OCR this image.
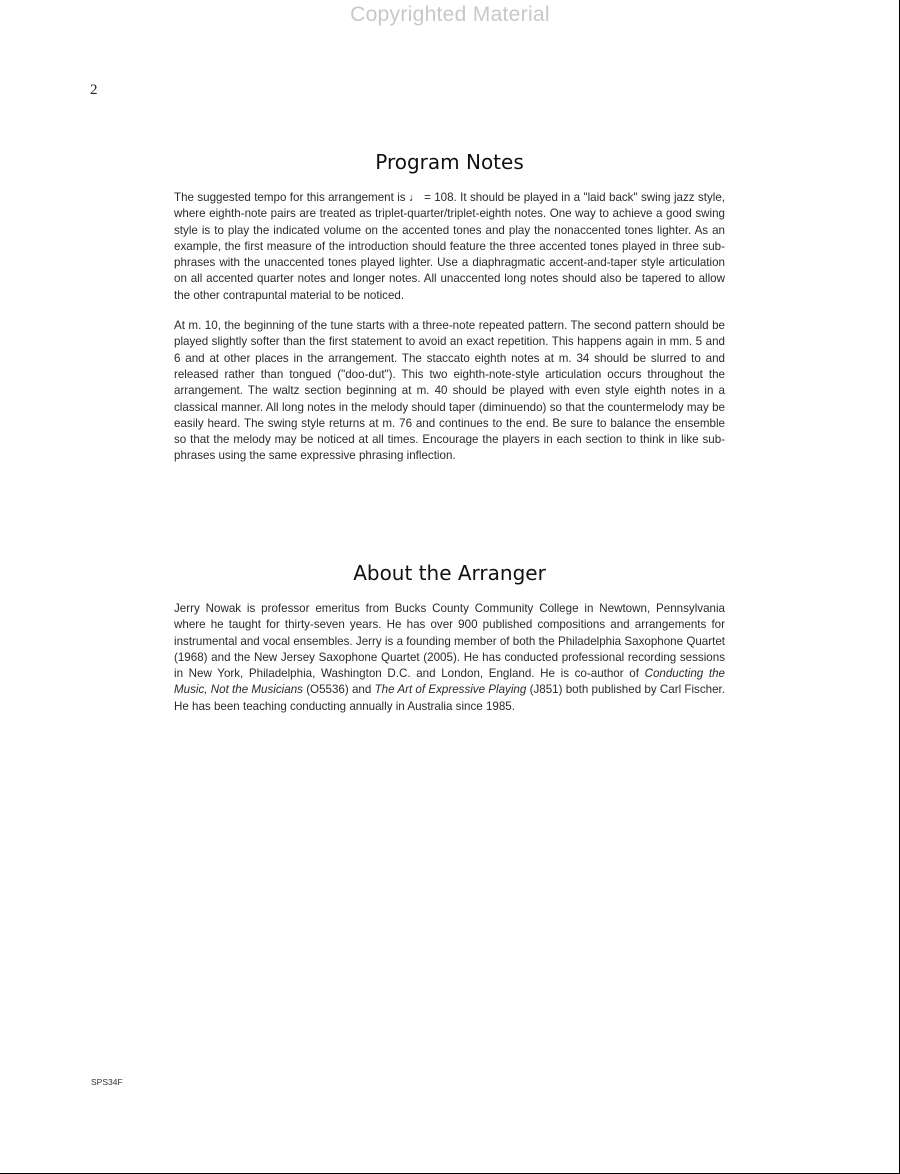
Copyrighted Material
2
Program Notes

The suggested tempo for this arrangement is ♩ = 108. It should be played in a "laid back" swing jazz style, where eighth-note pairs are treated as triplet-quarter/triplet-eighth notes. One way to achieve a good swing style is to play the indicated volume on the accented tones and play the nonaccented tones lighter. As an example, the first measure of the introduction should feature the three accented tones played in three sub-phrases with the unaccented tones played lighter. Use a diaphragmatic accent-and-taper style articulation on all accented quarter notes and longer notes. All unaccented long notes should also be tapered to allow the other contrapuntal material to be noticed.

At m. 10, the beginning of the tune starts with a three-note repeated pattern. The second pattern should be played slightly softer than the first statement to avoid an exact repetition. This happens again in mm. 5 and 6 and at other places in the arrangement. The staccato eighth notes at m. 34 should be slurred to and released rather than tongued ("doo-dut"). This two eighth-note-style articulation occurs throughout the arrangement. The waltz section beginning at m. 40 should be played with even style eighth notes in a classical manner. All long notes in the melody should taper (diminuendo) so that the countermelody may be easily heard. The swing style returns at m. 76 and continues to the end. Be sure to balance the ensemble so that the melody may be noticed at all times. Encourage the players in each section to think in like sub-phrases using the same expressive phrasing inflection.

About the Arranger

Jerry Nowak is professor emeritus from Bucks County Community College in Newtown, Pennsylvania where he taught for thirty-seven years. He has over 900 published compositions and arrangements for instrumental and vocal ensembles. Jerry is a founding member of both the Philadelphia Saxophone Quartet (1968) and the New Jersey Saxophone Quartet (2005). He has conducted professional recording sessions in New York, Philadelphia, Washington D.C. and London, England. He is co-author of Conducting the Music, Not the Musicians (O5536) and The Art of Expressive Playing (J851) both published by Carl Fischer. He has been teaching conducting annually in Australia since 1985.

SPS34F
